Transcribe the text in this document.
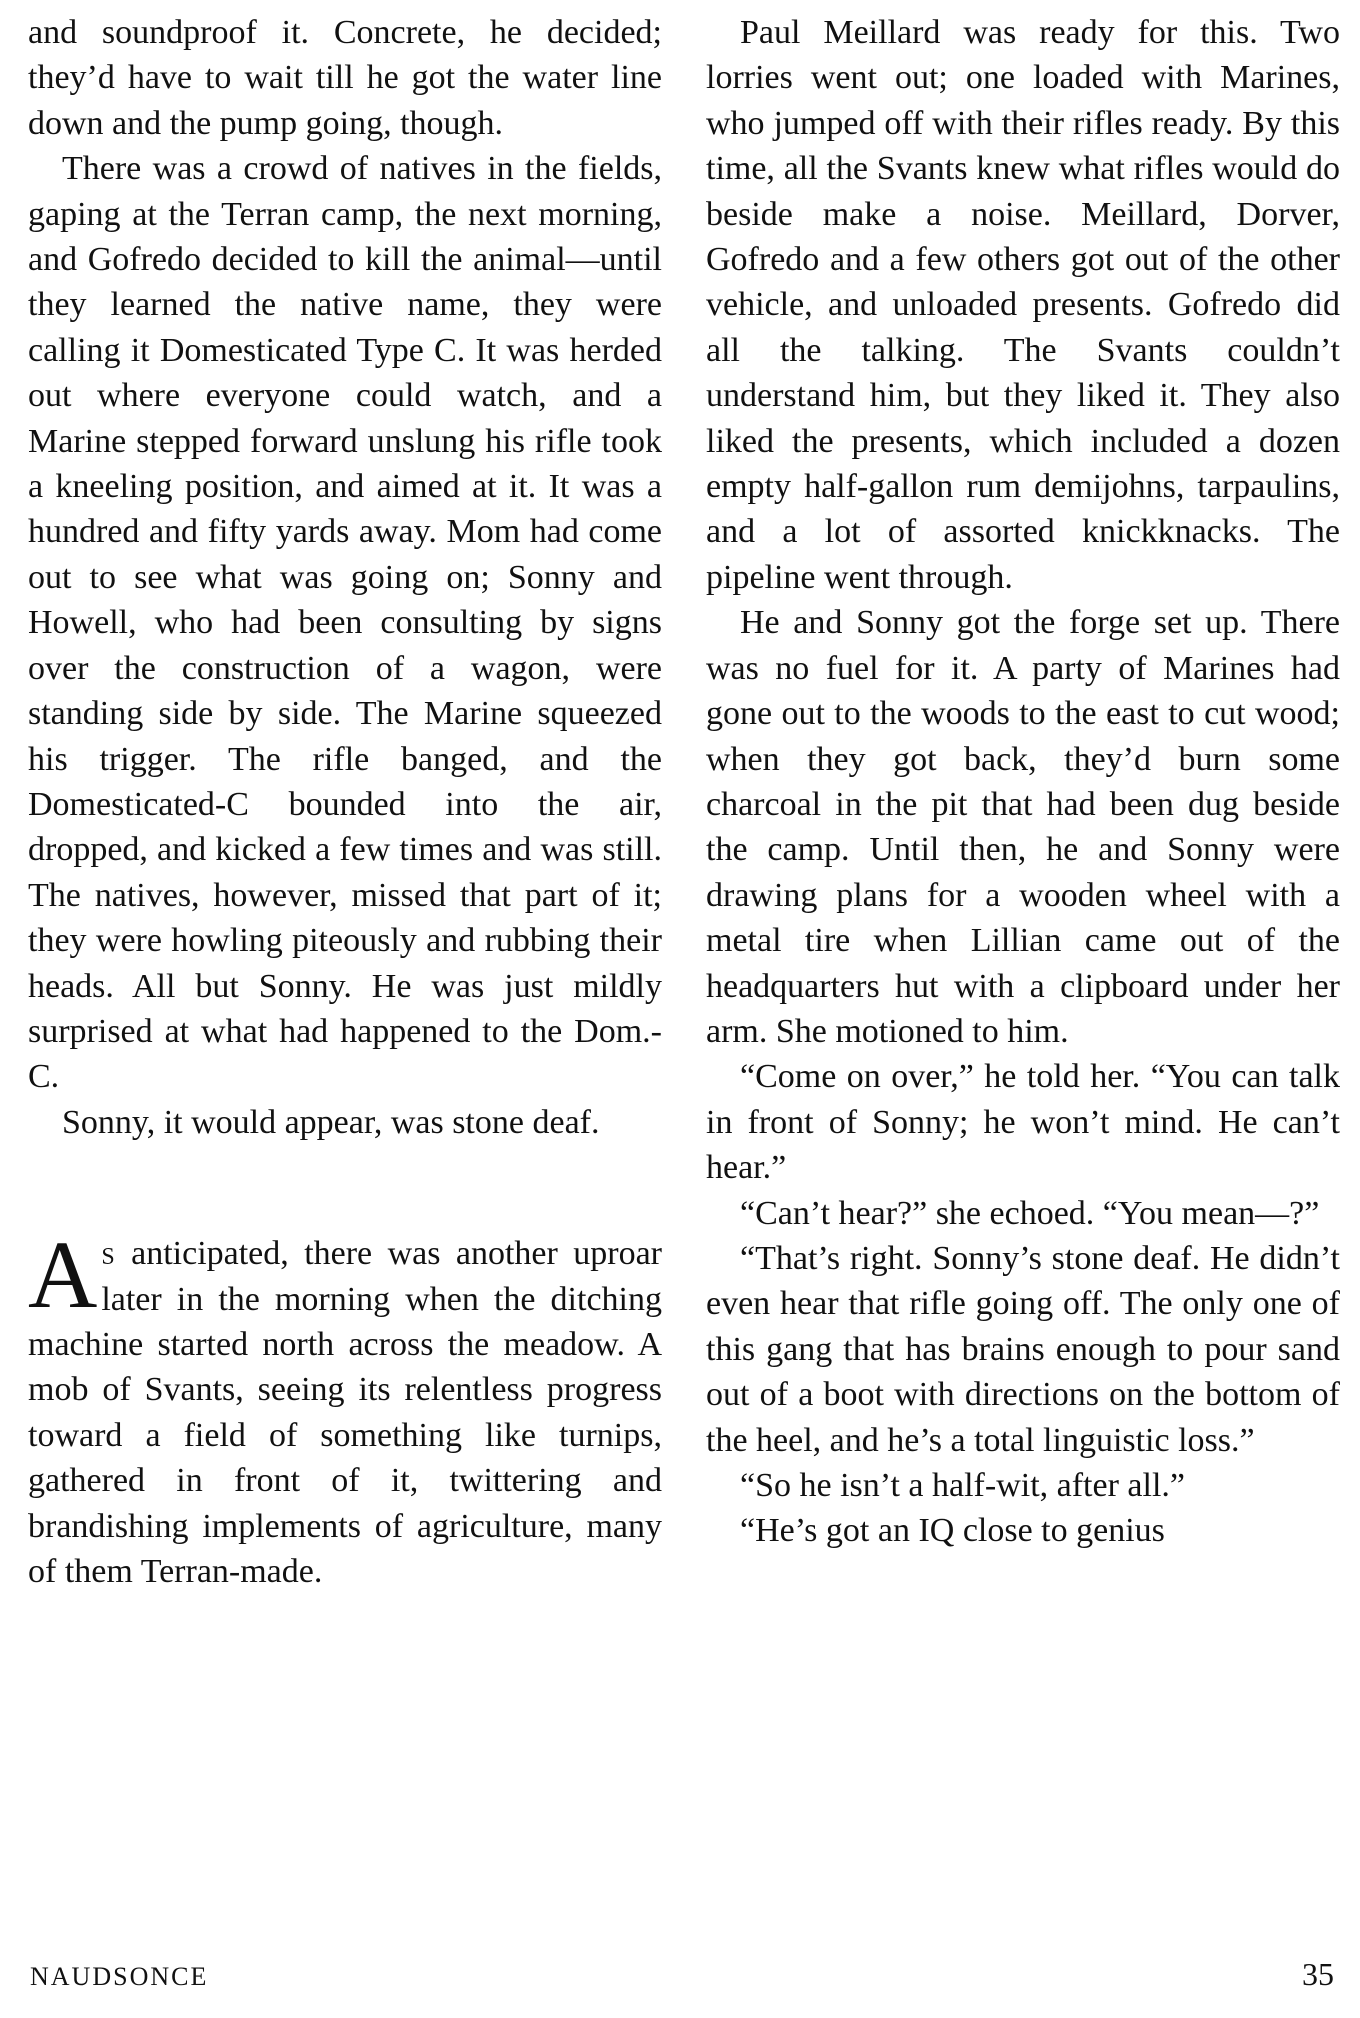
and soundproof it. Concrete, he decided; they’d have to wait till he got the water line down and the pump going, though.

There was a crowd of natives in the fields, gaping at the Terran camp, the next morning, and Gofredo decided to kill the animal—until they learned the native name, they were calling it Domesticated Type C. It was herded out where everyone could watch, and a Marine stepped forward unslung his rifle took a kneeling position, and aimed at it. It was a hundred and fifty yards away. Mom had come out to see what was going on; Sonny and Howell, who had been consulting by signs over the construction of a wagon, were standing side by side. The Marine squeezed his trigger. The rifle banged, and the Domesticated-C bounded into the air, dropped, and kicked a few times and was still. The natives, however, missed that part of it; they were howling piteously and rubbing their heads. All but Sonny. He was just mildly surprised at what had happened to the Dom.-C.

Sonny, it would appear, was stone deaf.

As anticipated, there was another uproar later in the morning when the ditching machine started north across the meadow. A mob of Svants, seeing its relentless progress toward a field of something like turnips, gathered in front of it, twittering and brandishing implements of agriculture, many of them Terran-made.

Paul Meillard was ready for this. Two lorries went out; one loaded with Marines, who jumped off with their rifles ready. By this time, all the Svants knew what rifles would do beside make a noise. Meillard, Dorver, Gofredo and a few others got out of the other vehicle, and unloaded presents. Gofredo did all the talking. The Svants couldn’t understand him, but they liked it. They also liked the presents, which included a dozen empty half-gallon rum demijohns, tarpaulins, and a lot of assorted knickknacks. The pipeline went through.

He and Sonny got the forge set up. There was no fuel for it. A party of Marines had gone out to the woods to the east to cut wood; when they got back, they’d burn some charcoal in the pit that had been dug beside the camp. Until then, he and Sonny were drawing plans for a wooden wheel with a metal tire when Lillian came out of the headquarters hut with a clipboard under her arm. She motioned to him.

“Come on over,” he told her. “You can talk in front of Sonny; he won’t mind. He can’t hear.”

“Can’t hear?” she echoed. “You mean—?”

“That’s right. Sonny’s stone deaf. He didn’t even hear that rifle going off. The only one of this gang that has brains enough to pour sand out of a boot with directions on the bottom of the heel, and he’s a total linguistic loss.”

“So he isn’t a half-wit, after all.”

“He’s got an IQ close to genius

NAUDSONCE	35
